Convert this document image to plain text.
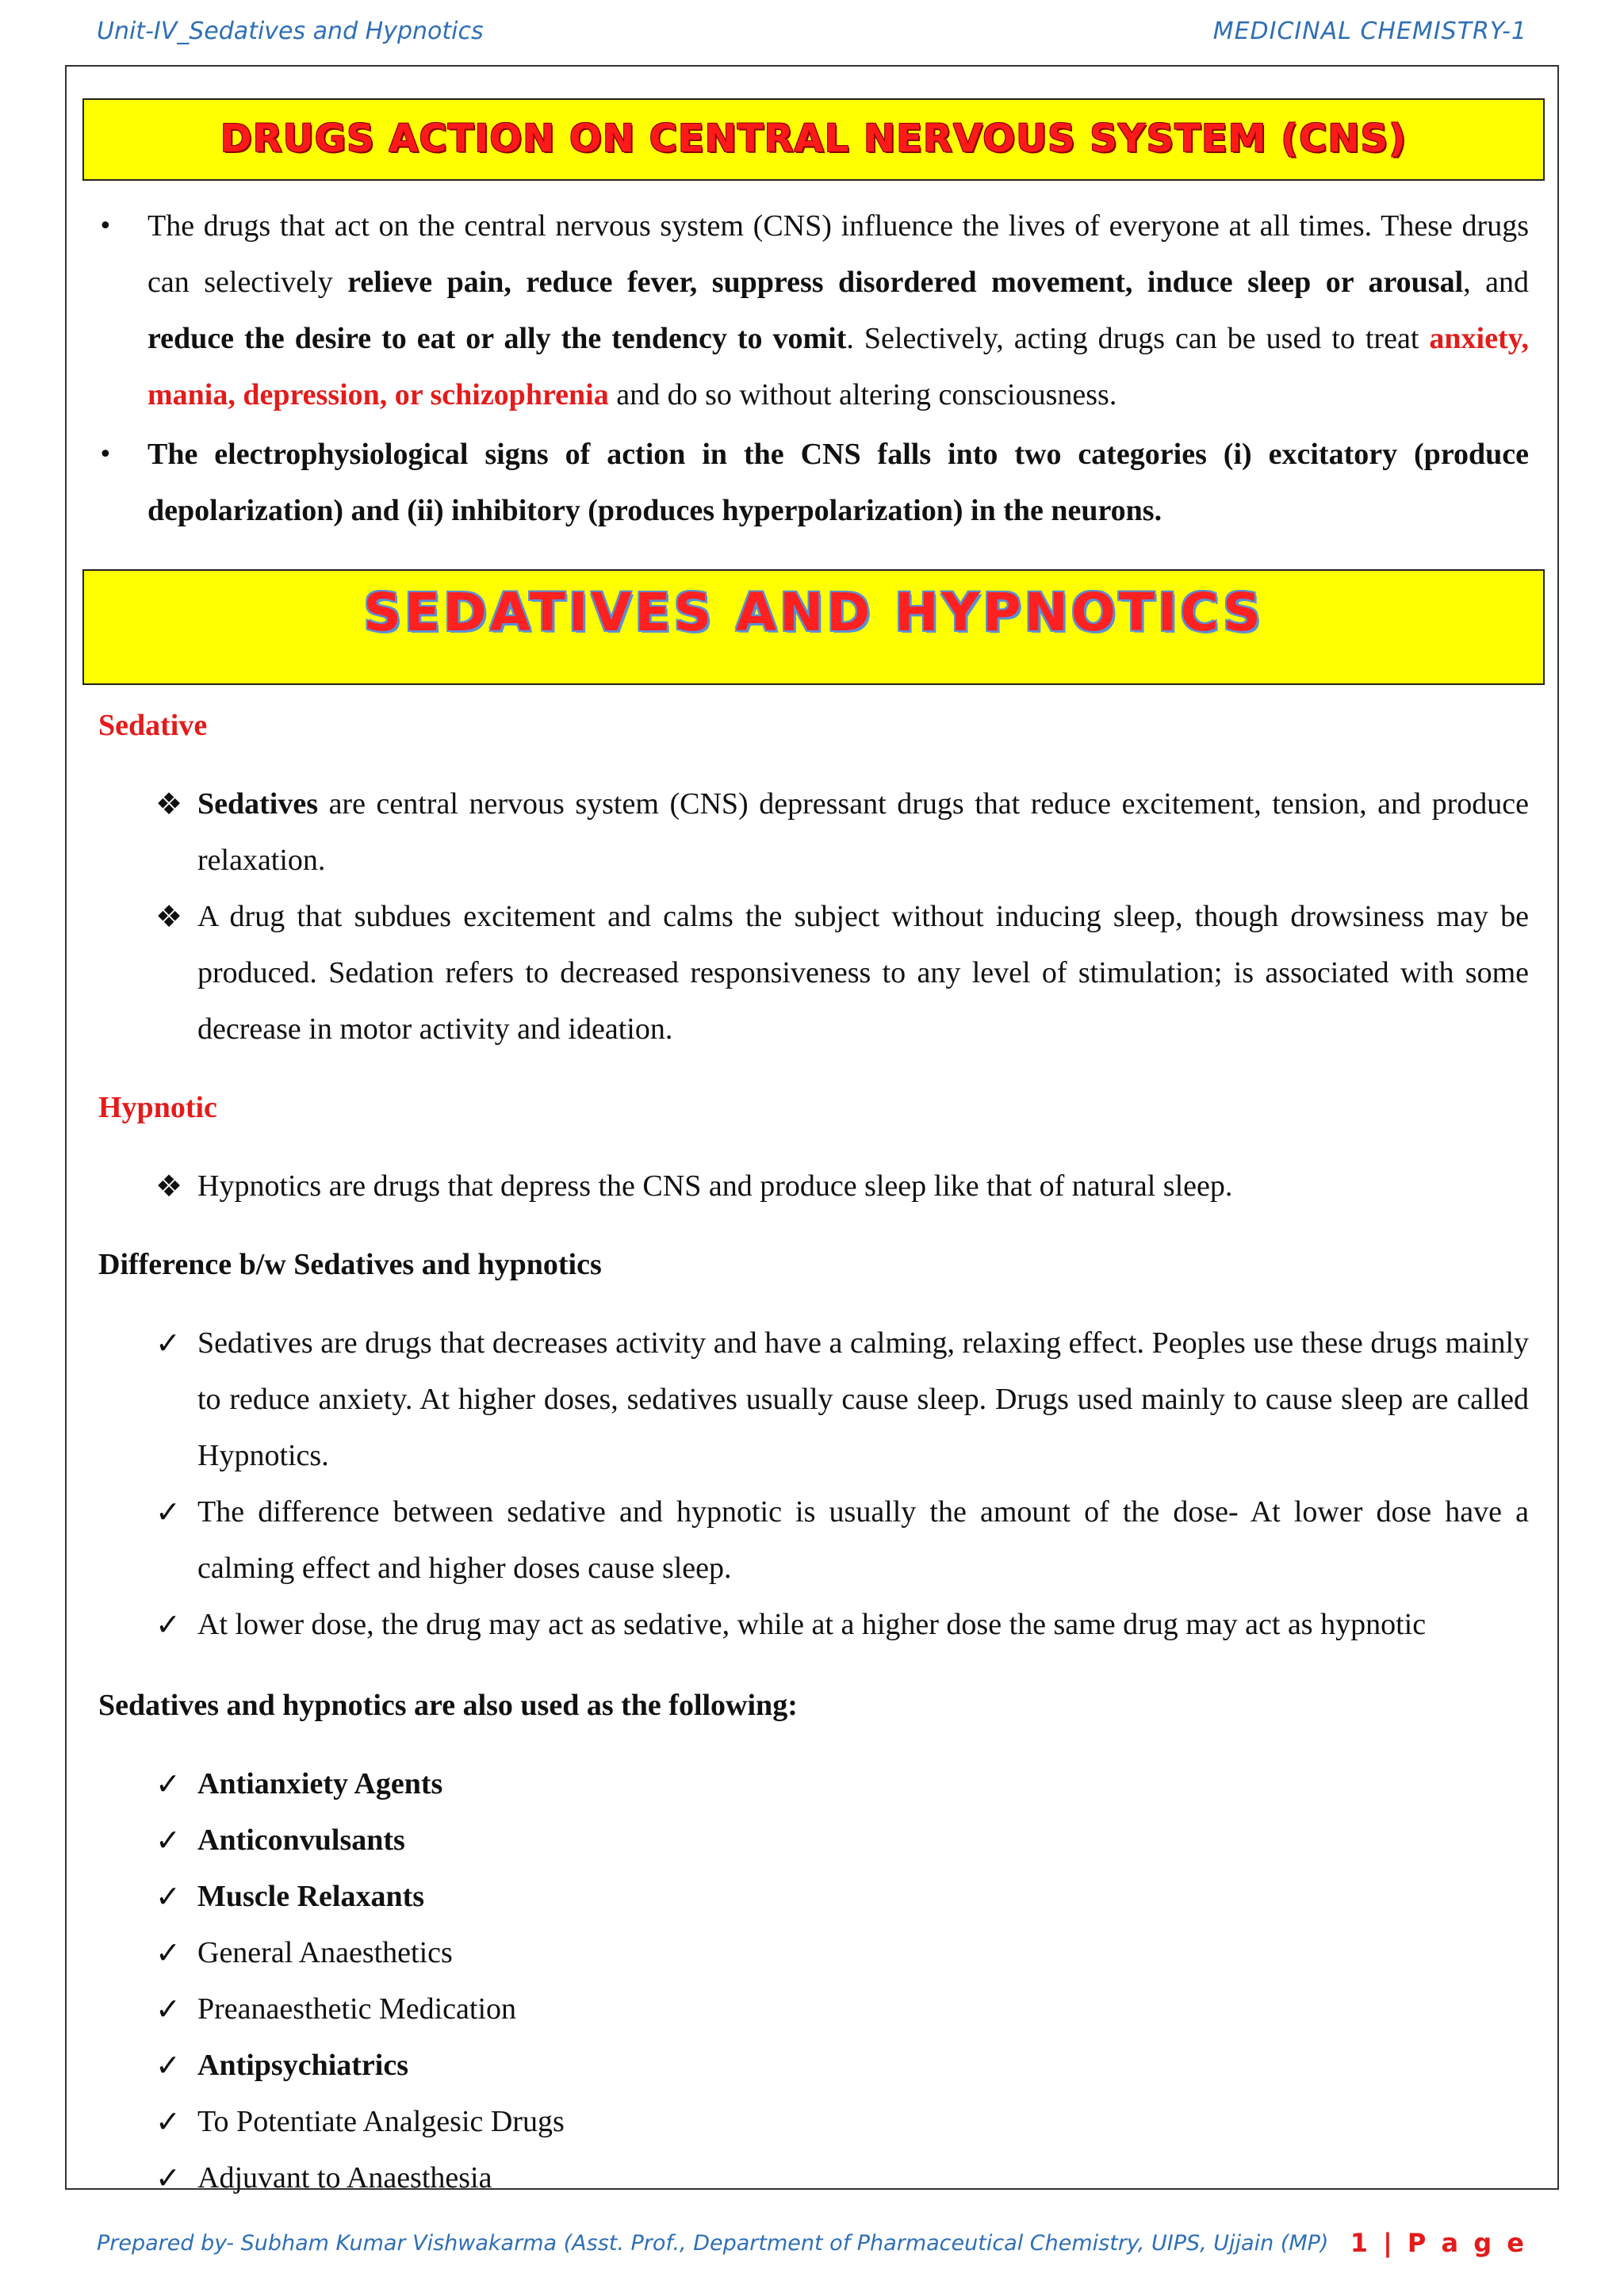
Unit-IV_Sedatives and Hypnotics	MEDICINAL CHEMISTRY-1
DRUGS ACTION ON CENTRAL NERVOUS SYSTEM (CNS)
• The drugs that act on the central nervous system (CNS) influence the lives of everyone at all times. These drugs can selectively relieve pain, reduce fever, suppress disordered movement, induce sleep or arousal, and reduce the desire to eat or ally the tendency to vomit. Selectively, acting drugs can be used to treat anxiety, mania, depression, or schizophrenia and do so without altering consciousness.
• The electrophysiological signs of action in the CNS falls into two categories (i) excitatory (produce depolarization) and (ii) inhibitory (produces hyperpolarization) in the neurons.
SEDATIVES AND HYPNOTICS
Sedative
❖ Sedatives are central nervous system (CNS) depressant drugs that reduce excitement, tension, and produce relaxation.
❖ A drug that subdues excitement and calms the subject without inducing sleep, though drowsiness may be produced. Sedation refers to decreased responsiveness to any level of stimulation; is associated with some decrease in motor activity and ideation.
Hypnotic
❖ Hypnotics are drugs that depress the CNS and produce sleep like that of natural sleep.
Difference b/w Sedatives and hypnotics
✓ Sedatives are drugs that decreases activity and have a calming, relaxing effect. Peoples use these drugs mainly to reduce anxiety. At higher doses, sedatives usually cause sleep. Drugs used mainly to cause sleep are called Hypnotics.
✓ The difference between sedative and hypnotic is usually the amount of the dose- At lower dose have a calming effect and higher doses cause sleep.
✓ At lower dose, the drug may act as sedative, while at a higher dose the same drug may act as hypnotic
Sedatives and hypnotics are also used as the following:
✓ Antianxiety Agents
✓ Anticonvulsants
✓ Muscle Relaxants
✓ General Anaesthetics
✓ Preanaesthetic Medication
✓ Antipsychiatrics
✓ To Potentiate Analgesic Drugs
✓ Adjuvant to Anaesthesia
Prepared by- Subham Kumar Vishwakarma (Asst. Prof., Department of Pharmaceutical Chemistry, UIPS, Ujjain (MP) 1 | P a g e
